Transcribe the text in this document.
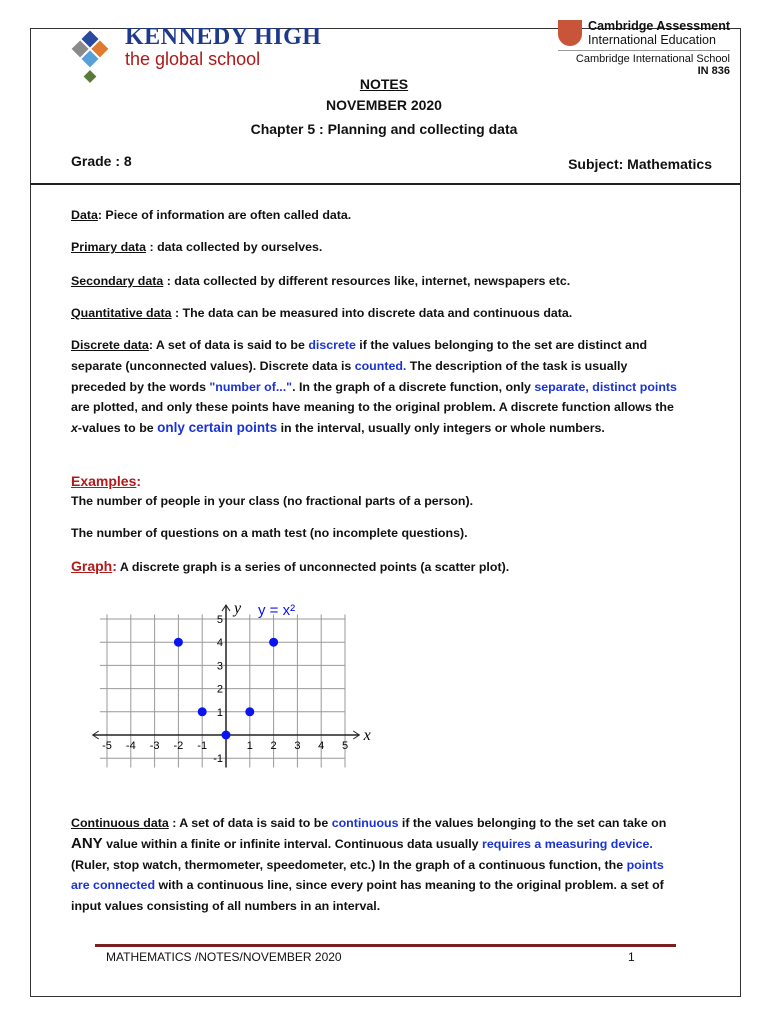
KENNEDY HIGH
the global school
Cambridge Assessment
International Education
Cambridge International School
IN 836
NOTES
NOVEMBER 2020
Chapter 5 : Planning and collecting data
Grade : 8	Subject: Mathematics
Data: Piece of information are often called data.
Primary data : data collected by ourselves.
Secondary data : data collected by different resources like, internet, newspapers etc.
Quantitative data : The data can be measured into discrete data and continuous data.
Discrete data: A set of data is said to be discrete if the values belonging to the set are distinct and separate (unconnected values). Discrete data is counted. The description of the task is usually preceded by the words "number of...". In the graph of a discrete function, only separate, distinct points are plotted, and only these points have meaning to the original problem. A discrete function allows the x-values to be only certain points in the interval, usually only integers or whole numbers.
Examples:
The number of people in your class (no fractional parts of a person).
The number of questions on a math test (no incomplete questions).
Graph: A discrete graph is a series of unconnected points (a scatter plot).
-5 -4 -3 -2 -1	1 2 3 4 5
-1
1
2
3
4
5
x
y y = x²
Continuous data : A set of data is said to be continuous if the values belonging to the set can take on ANY value within a finite or infinite interval. Continuous data usually requires a measuring device. (Ruler, stop watch, thermometer, speedometer, etc.) In the graph of a continuous function, the points are connected with a continuous line, since every point has meaning to the original problem. a set of input values consisting of all numbers in an interval.
MATHEMATICS /NOTES/NOVEMBER 2020	1
